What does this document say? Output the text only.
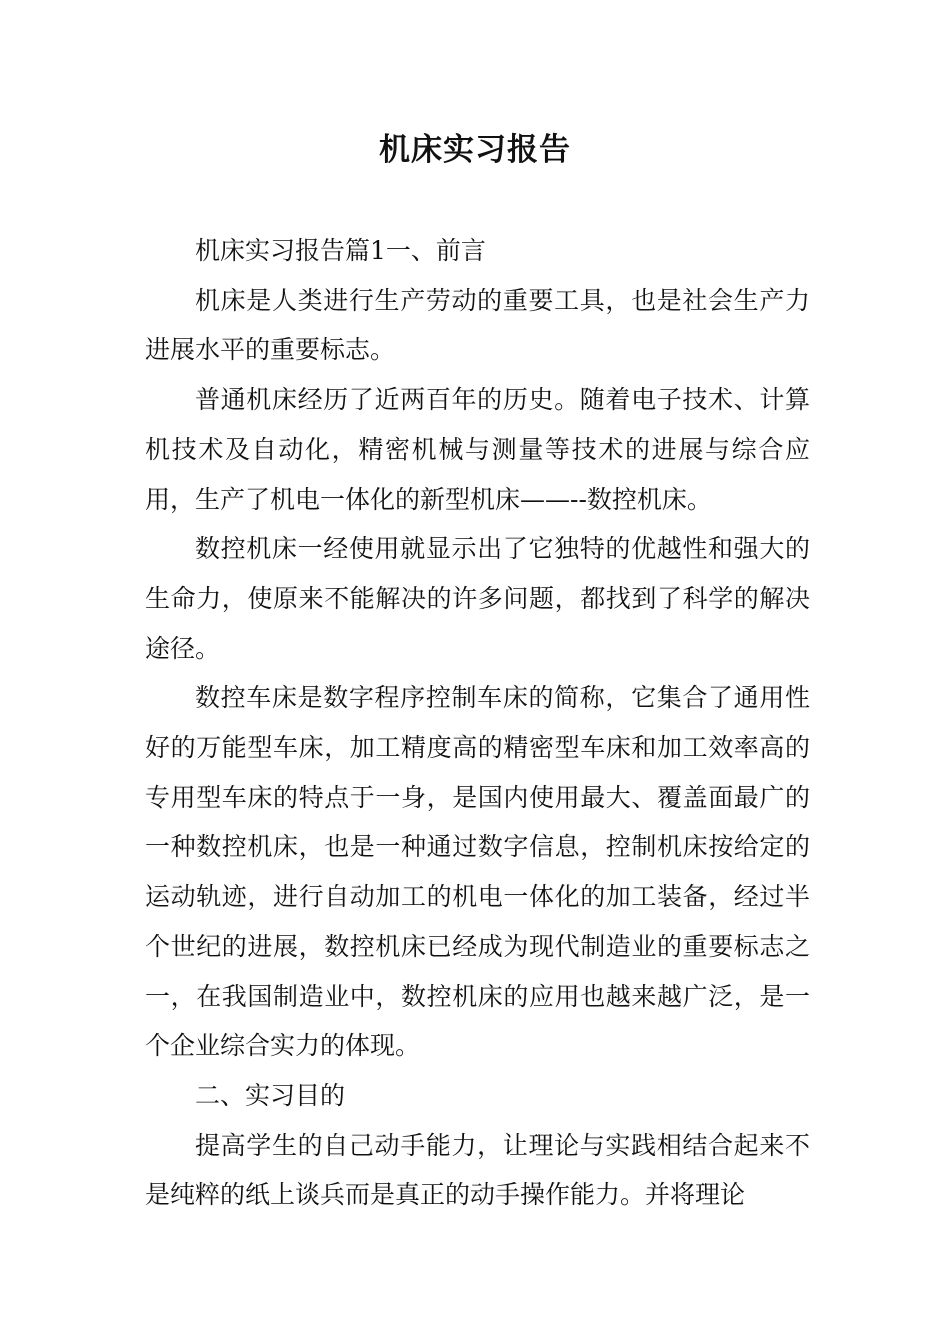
机床实习报告

机床实习报告篇1一、前言

机床是人类进行生产劳动的重要工具，也是社会生产力进展水平的重要标志。

普通机床经历了近两百年的历史。随着电子技术、计算机技术及自动化，精密机械与测量等技术的进展与综合应用，生产了机电一体化的新型机床——--数控机床。

数控机床一经使用就显示出了它独特的优越性和强大的生命力，使原来不能解决的许多问题，都找到了科学的解决途径。

数控车床是数字程序控制车床的简称，它集合了通用性好的万能型车床，加工精度高的精密型车床和加工效率高的专用型车床的特点于一身，是国内使用最大、覆盖面最广的一种数控机床，也是一种通过数字信息，控制机床按给定的运动轨迹，进行自动加工的机电一体化的加工装备，经过半个世纪的进展，数控机床已经成为现代制造业的重要标志之一，在我国制造业中，数控机床的应用也越来越广泛，是一个企业综合实力的体现。

二、实习目的

提高学生的自己动手能力，让理论与实践相结合起来不是纯粹的纸上谈兵而是真正的动手操作能力。并将理论
